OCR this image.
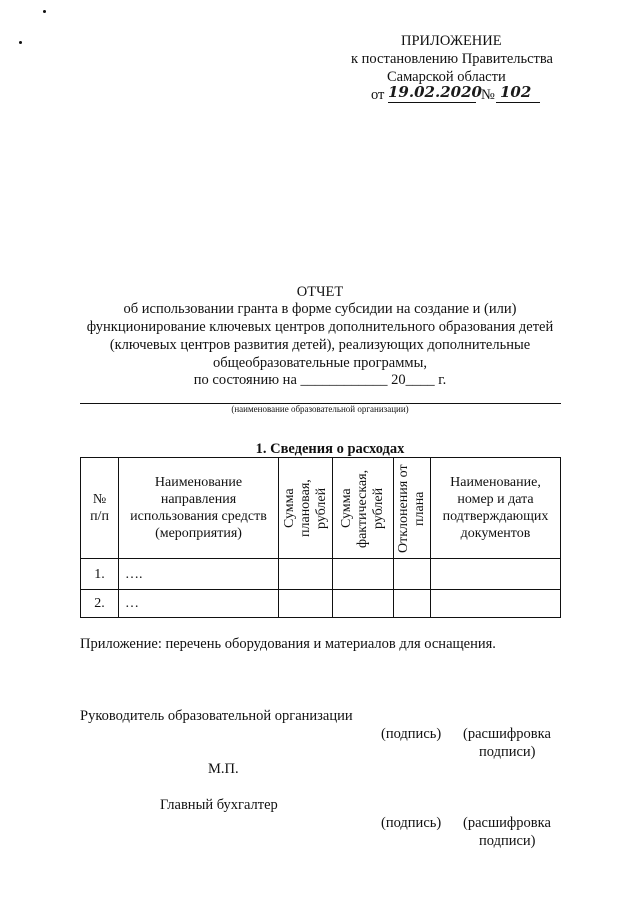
ПРИЛОЖЕНИЕ
к постановлению Правительства
Самарской области
от 19.02.2020 № 102
ОТЧЕТ
об использовании гранта в форме субсидии на создание и (или)
функционирование ключевых центров дополнительного образования детей
(ключевых центров развития детей), реализующих дополнительные
общеобразовательные программы,
по состоянию на ____________ 20____ г.
(наименование образовательной организации)
1. Сведения о расходах
№ п/п	Наименование направления использования средств (мероприятия)	Сумма плановая, рублей	Сумма фактическая, рублей	Отклонения от плана	Наименование, номер и дата подтверждающих документов
1.	….				
2.	…				
Приложение: перечень оборудования и материалов для оснащения.
Руководитель образовательной организации
(подпись) (расшифровка
подписи)
М.П.
Главный бухгалтер
(подпись) (расшифровка
подписи)
